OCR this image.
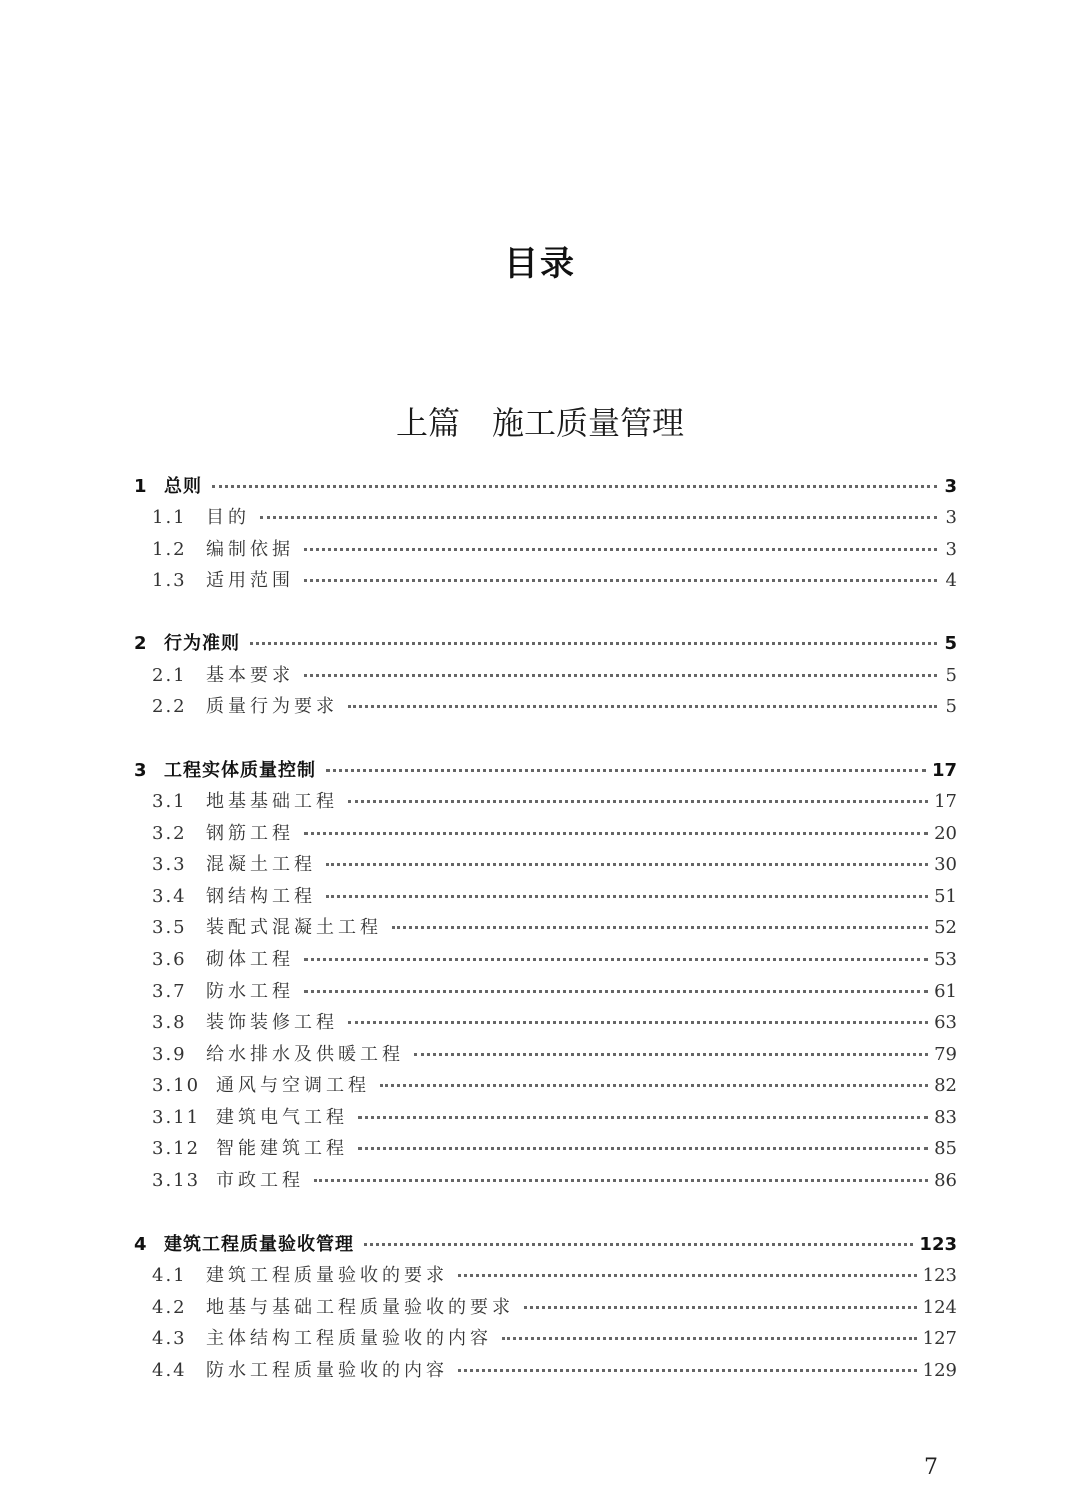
目录
上篇　施工质量管理
1 总则	3
1.1	目的	3
1.2	编制依据	3
1.3	适用范围	4
2 行为准则	5
2.1	基本要求	5
2.2	质量行为要求	5
3 工程实体质量控制	17
3.1	地基基础工程	17
3.2	钢筋工程	20
3.3	混凝土工程	30
3.4	钢结构工程	51
3.5	装配式混凝土工程	52
3.6	砌体工程	53
3.7	防水工程	61
3.8	装饰装修工程	63
3.9	给水排水及供暖工程	79
3.10 通风与空调工程	82
3.11 建筑电气工程	83
3.12 智能建筑工程	85
3.13 市政工程	86
4 建筑工程质量验收管理	123
4.1	建筑工程质量验收的要求	123
4.2	地基与基础工程质量验收的要求	124
4.3	主体结构工程质量验收的内容	127
4.4	防水工程质量验收的内容	129
7
